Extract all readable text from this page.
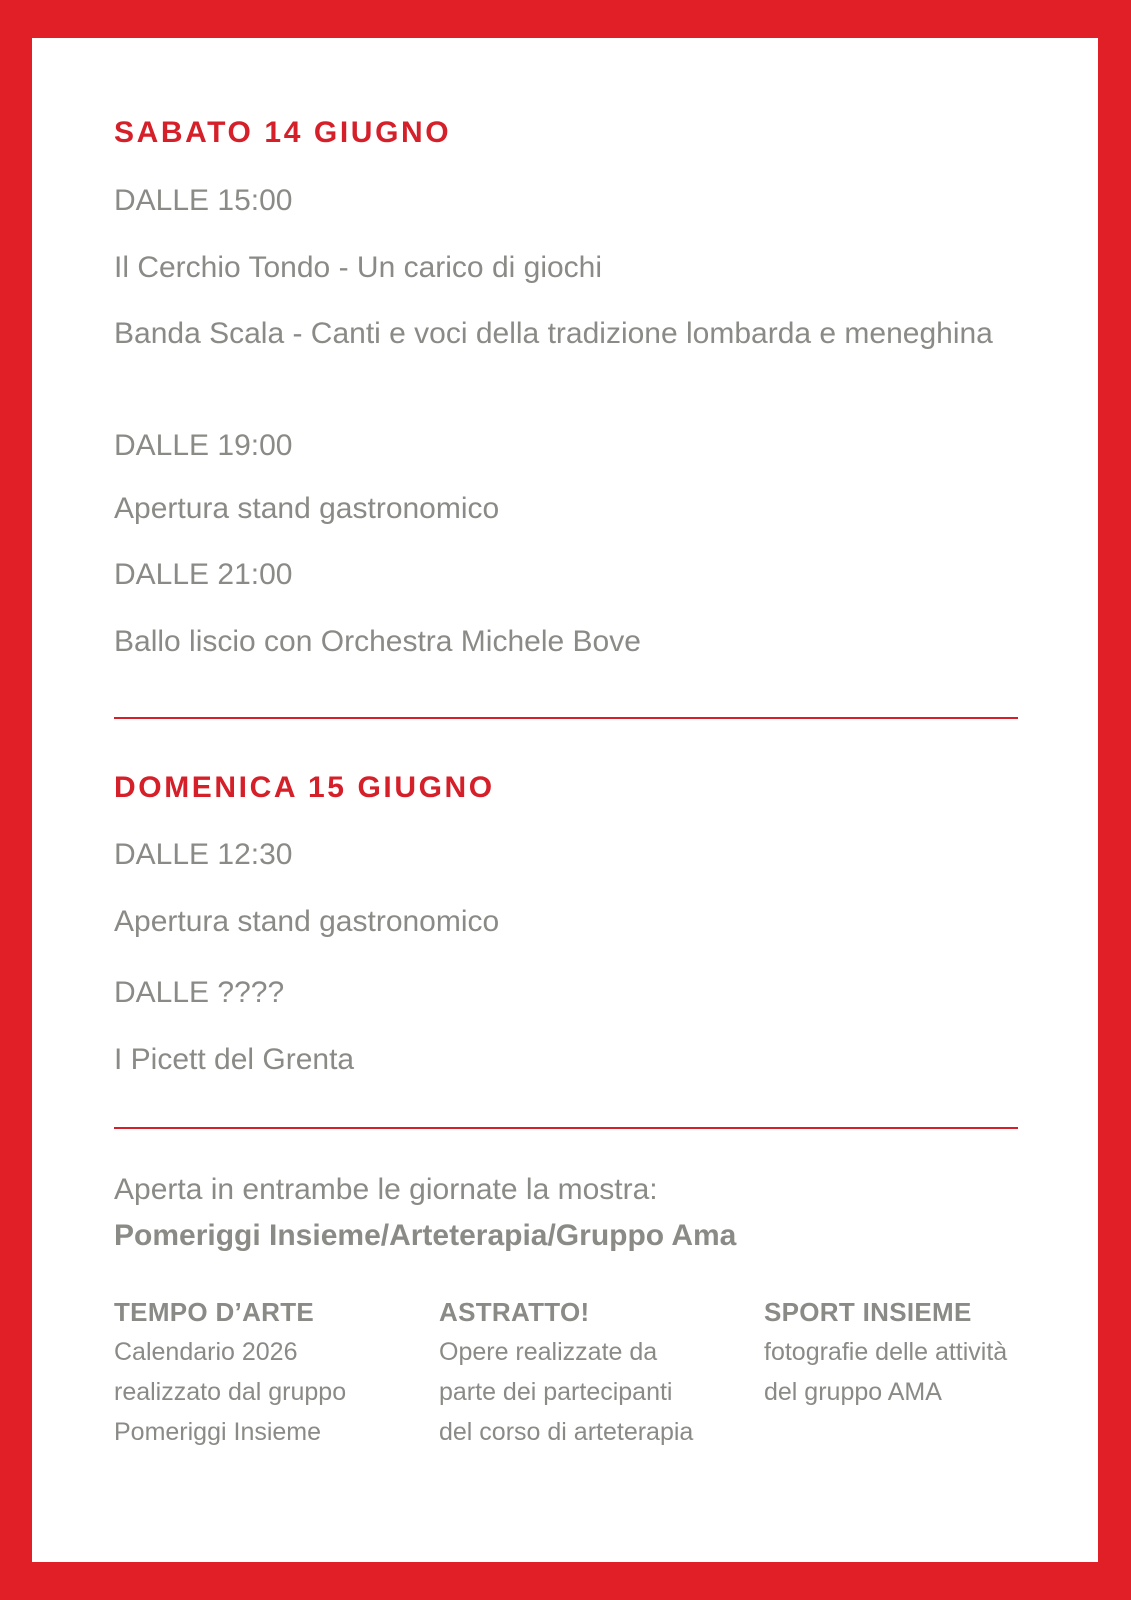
SABATO 14 GIUGNO

DALLE 15:00

Il Cerchio Tondo - Un carico di giochi

Banda Scala - Canti e voci della tradizione lombarda e meneghina

DALLE 19:00

Apertura stand gastronomico

DALLE 21:00

Ballo liscio con Orchestra Michele Bove

DOMENICA 15 GIUGNO

DALLE 12:30

Apertura stand gastronomico

DALLE ????

I Picett del Grenta

Aperta in entrambe le giornate la mostra:
Pomeriggi Insieme/Arteterapia/Gruppo Ama
TEMPO D’ARTE
Calendario 2026 realizzato dal gruppo Pomeriggi Insieme
ASTRATTO!
Opere realizzate da parte dei partecipanti del corso di arteterapia
SPORT INSIEME
fotografie delle attività del gruppo AMA
